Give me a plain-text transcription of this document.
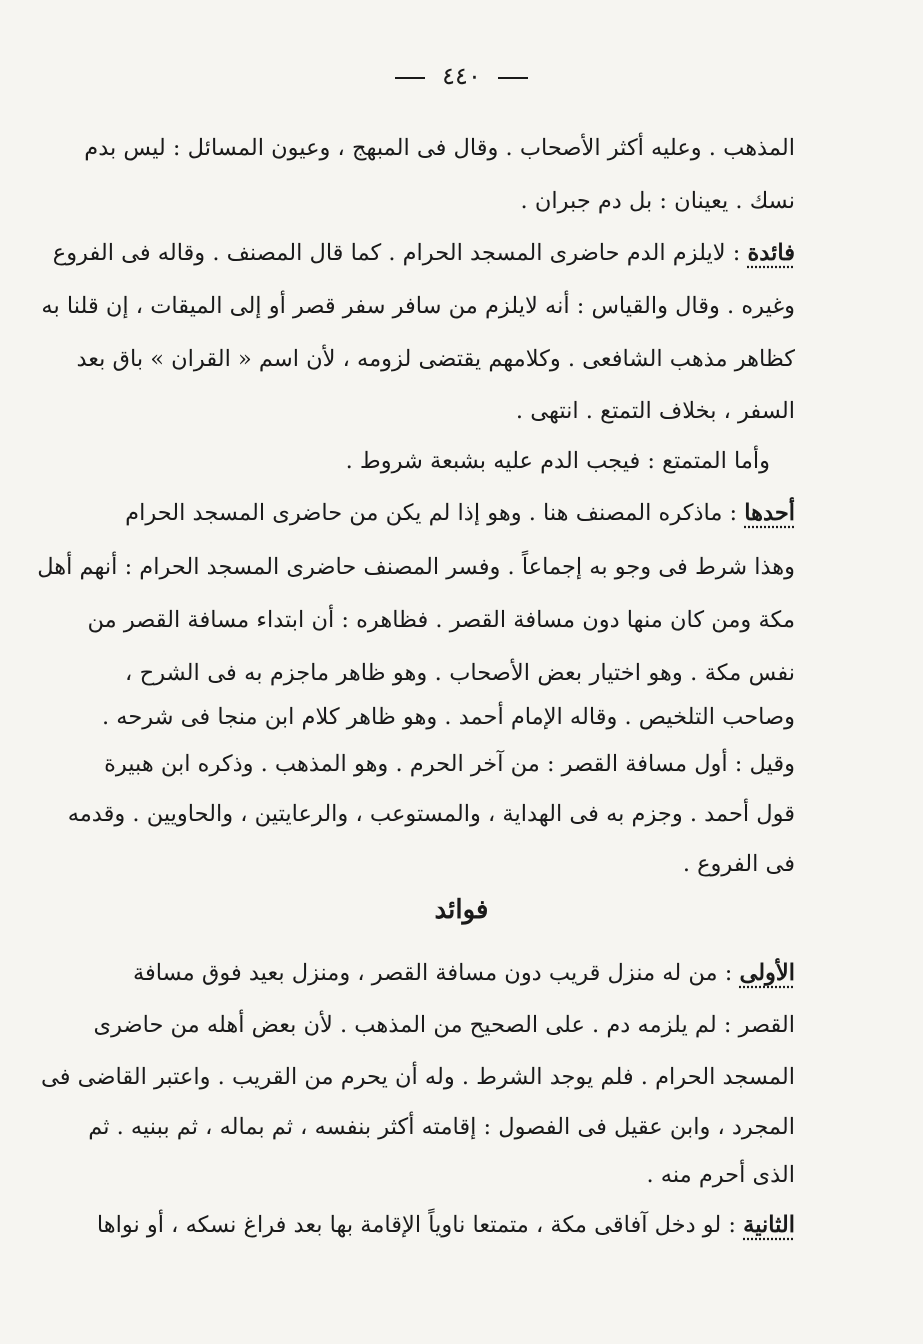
٤٤٠
المذهب . وعليه أكثر الأصحاب . وقال فى المبهج ، وعيون المسائل : ليس بدم
نسك . يعينان : بل دم جبران .
فائدة : لايلزم الدم حاضرى المسجد الحرام . كما قال المصنف . وقاله فى الفروع
وغيره . وقال والقياس : أنه لايلزم من سافر سفر قصر أو إلى الميقات ، إن قلنا به
كظاهر مذهب الشافعى . وكلامهم يقتضى لزومه ، لأن اسم « القران » باق بعد
السفر ، بخلاف التمتع . انتهى .
وأما المتمتع : فيجب الدم عليه بشبعة شروط .
أحدها : ماذكره المصنف هنا . وهو إذا لم يكن من حاضرى المسجد الحرام
وهذا شرط فى وجو به إجماعاً . وفسر المصنف حاضرى المسجد الحرام : أنهم أهل
مكة ومن كان منها دون مسافة القصر . فظاهره : أن ابتداء مسافة القصر من
نفس مكة . وهو اختيار بعض الأصحاب . وهو ظاهر ماجزم به فى الشرح ،
وصاحب التلخيص . وقاله الإمام أحمد . وهو ظاهر كلام ابن منجا فى شرحه .
وقيل : أول مسافة القصر : من آخر الحرم . وهو المذهب . وذكره ابن هبيرة
قول أحمد . وجزم به فى الهداية ، والمستوعب ، والرعايتين ، والحاويين . وقدمه
فى الفروع .
الأولى : من له منزل قريب دون مسافة القصر ، ومنزل بعيد فوق مسافة
القصر : لم يلزمه دم . على الصحيح من المذهب . لأن بعض أهله من حاضرى
المسجد الحرام . فلم يوجد الشرط . وله أن يحرم من القريب . واعتبر القاضى فى
المجرد ، وابن عقيل فى الفصول : إقامته أكثر بنفسه ، ثم بماله ، ثم ببنيه . ثم
الذى أحرم منه .
الثانية : لو دخل آفاقى مكة ، متمتعا ناوياً الإقامة بها بعد فراغ نسكه ، أو نواها
فوائد
